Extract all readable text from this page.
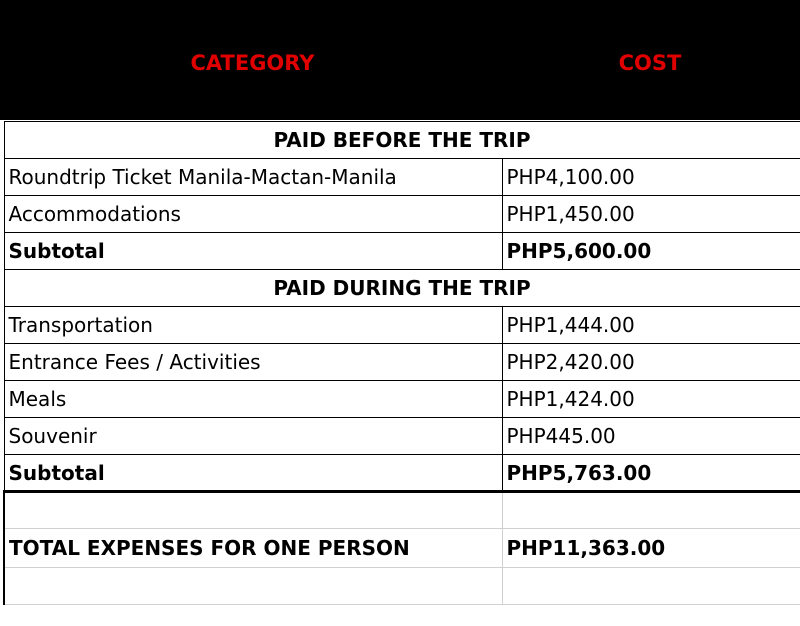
CATEGORY	COST
PAID BEFORE THE TRIP	
Roundtrip Ticket Manila-Mactan-Manila	PHP4,100.00
Accommodations	PHP1,450.00
Subtotal	PHP5,600.00
PAID DURING THE TRIP	
Transportation	PHP1,444.00
Entrance Fees / Activities	PHP2,420.00
Meals	PHP1,424.00
Souvenir	PHP445.00
Subtotal	PHP5,763.00

TOTAL EXPENSES FOR ONE PERSON	PHP11,363.00
